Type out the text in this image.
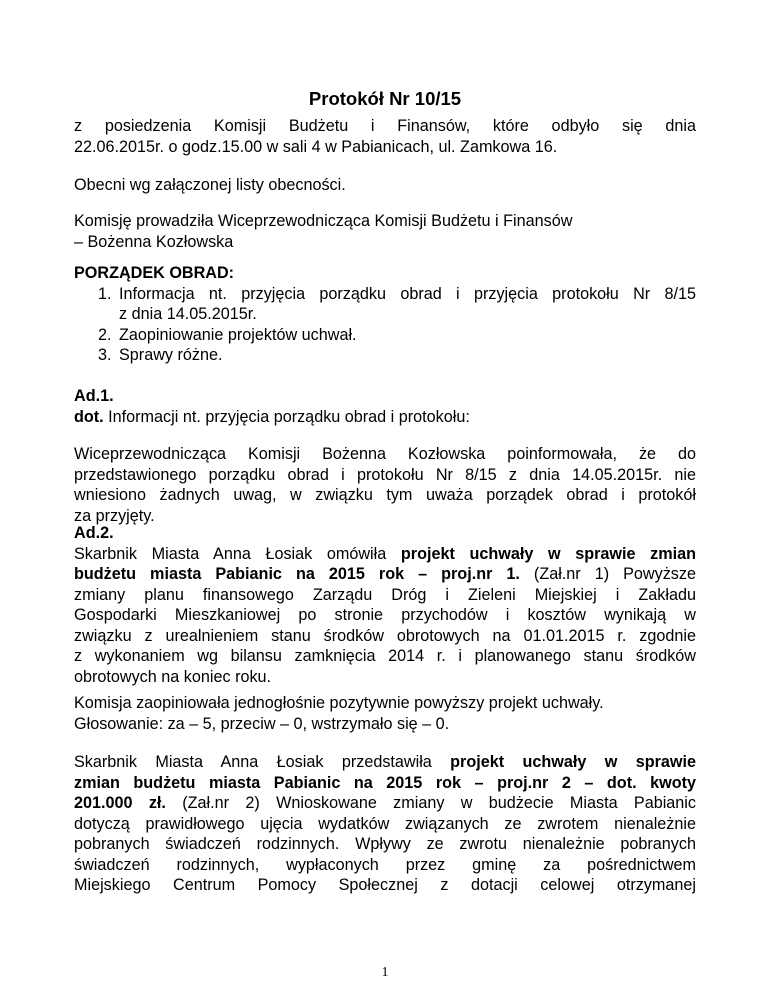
Protokół Nr 10/15
z posiedzenia Komisji Budżetu i Finansów, które odbyło się dnia
22.06.2015r. o godz.15.00 w sali 4 w Pabianicach, ul. Zamkowa 16.
Obecni wg załączonej listy obecności.
Komisję prowadziła Wiceprzewodnicząca Komisji Budżetu i Finansów
– Bożenna Kozłowska
PORZĄDEK OBRAD:
1. Informacja nt. przyjęcia porządku obrad i przyjęcia protokołu Nr 8/15
z dnia 14.05.2015r.
2. Zaopiniowanie projektów uchwał.
3. Sprawy różne.
Ad.1.
dot. Informacji nt. przyjęcia porządku obrad i protokołu:
Wiceprzewodnicząca Komisji Bożenna Kozłowska poinformowała, że do
przedstawionego porządku obrad i protokołu Nr 8/15 z dnia 14.05.2015r. nie
wniesiono żadnych uwag, w związku tym uważa porządek obrad i protokół
za przyjęty.
Ad.2.
Skarbnik Miasta Anna Łosiak omówiła projekt uchwały w sprawie zmian
budżetu miasta Pabianic na 2015 rok – proj.nr 1. (Zał.nr 1) Powyższe
zmiany planu finansowego Zarządu Dróg i Zieleni Miejskiej i Zakładu
Gospodarki Mieszkaniowej po stronie przychodów i kosztów wynikają w
związku z urealnieniem stanu środków obrotowych na 01.01.2015 r. zgodnie
z wykonaniem wg bilansu zamknięcia 2014 r. i planowanego stanu środków
obrotowych na koniec roku.
Komisja zaopiniowała jednogłośnie pozytywnie powyższy projekt uchwały.
Głosowanie: za – 5, przeciw – 0, wstrzymało się – 0.
Skarbnik Miasta Anna Łosiak przedstawiła projekt uchwały w sprawie
zmian budżetu miasta Pabianic na 2015 rok – proj.nr 2 – dot. kwoty
201.000 zł. (Zał.nr 2) Wnioskowane zmiany w budżecie Miasta Pabianic
dotyczą prawidłowego ujęcia wydatków związanych ze zwrotem nienależnie
pobranych świadczeń rodzinnych. Wpływy ze zwrotu nienależnie pobranych
świadczeń rodzinnych, wypłaconych przez gminę za pośrednictwem
Miejskiego Centrum Pomocy Społecznej z dotacji celowej otrzymanej
1
